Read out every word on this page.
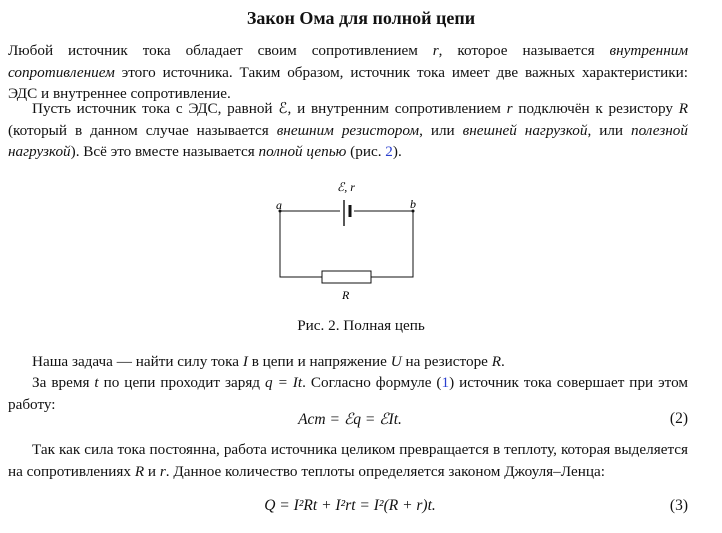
Закон Ома для полной цепи

Любой источник тока обладает своим сопротивлением r, которое называется внутренним сопротивлением этого источника. Таким образом, источник тока имеет две важных характеристики: ЭДС и внутреннее сопротивление.

Пусть источник тока с ЭДС, равной ℰ, и внутренним сопротивлением r подключён к резистору R (который в данном случае называется внешним резистором, или внешней нагрузкой, или полезной нагрузкой). Всё это вместе называется полной цепью (рис. 2).

ℰ, r
a	b
R
Рис. 2. Полная цепь

Наша задача — найти силу тока I в цепи и напряжение U на резисторе R.

За время t по цепи проходит заряд q = It. Согласно формуле (1) источник тока совершает при этом работу:

Aст = ℰq = ℰIt.	(2)

Так как сила тока постоянна, работа источника целиком превращается в теплоту, которая выделяется на сопротивлениях R и r. Данное количество теплоты определяется законом Джоуля–Ленца:

Q = I²Rt + I²rt = I²(R + r)t.	(3)
